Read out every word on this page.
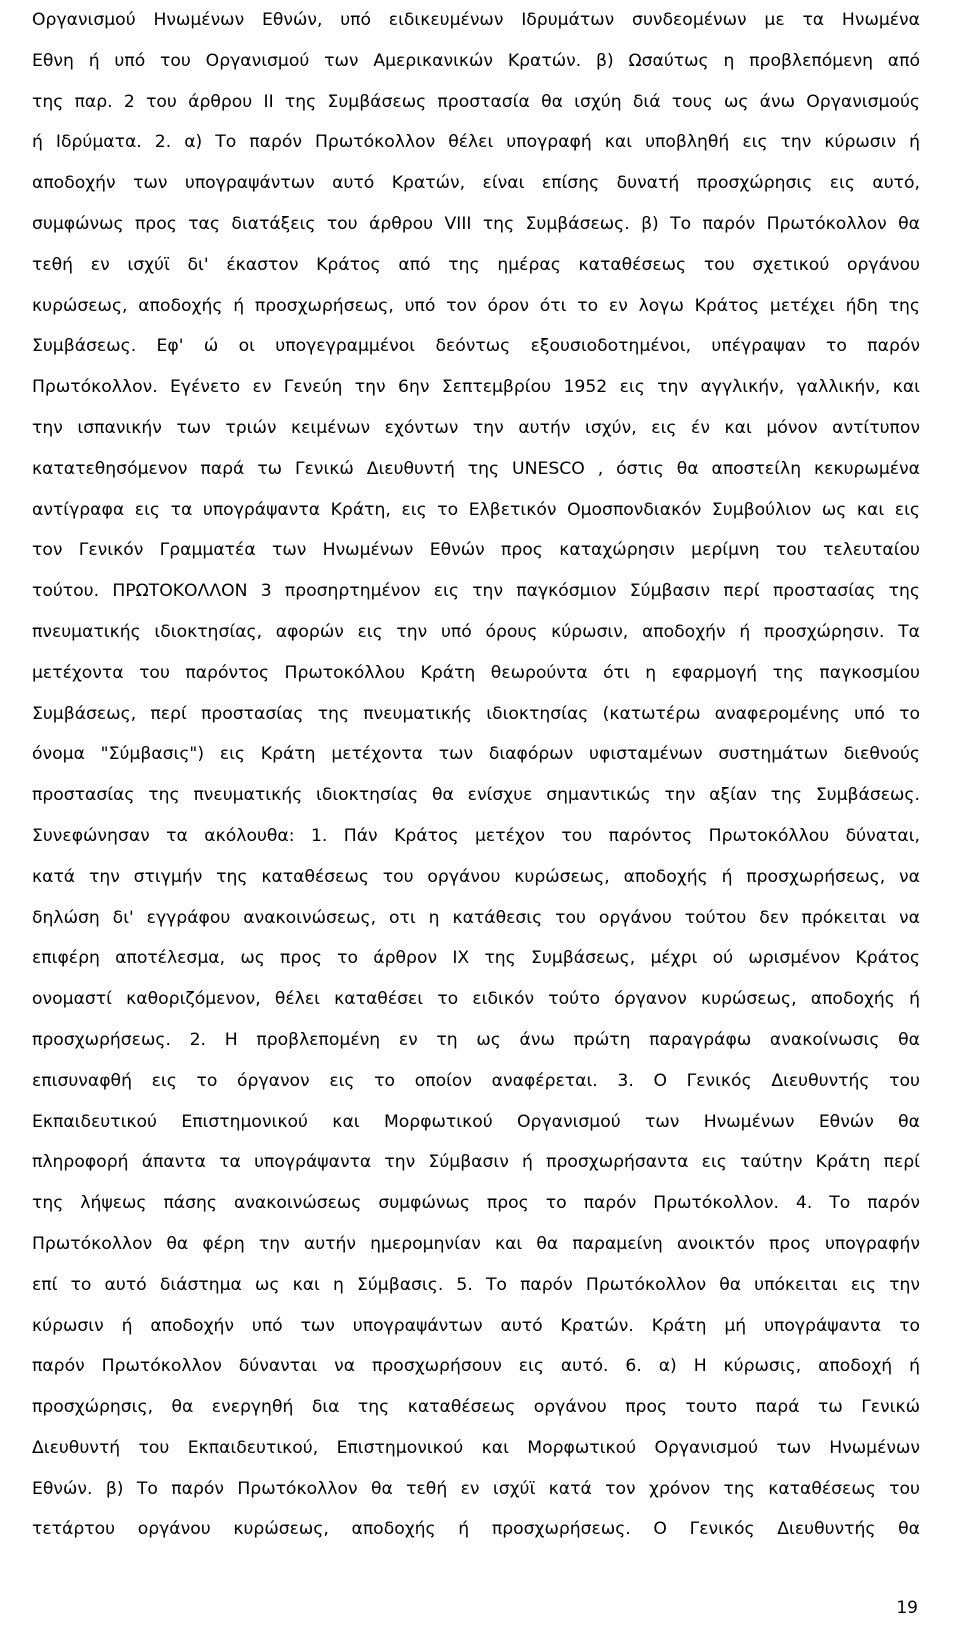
Οργανισμού Ηνωμένων Εθνών, υπό ειδικευμένων Ιδρυμάτων συνδεομένων με τα Ηνωμένα
Εθνη ή υπό του Οργανισμού των Αμερικανικών Κρατών. β) Ωσαύτως η προβλεπόμενη από
της παρ. 2 του άρθρου ΙΙ της Συμβάσεως προστασία θα ισχύη διά τους ως άνω Οργανισμούς
ή Ιδρύματα. 2. α) Το παρόν Πρωτόκολλον θέλει υπογραφή και υποβληθή εις την κύρωσιν ή
αποδοχήν των υπογραψάντων αυτό Κρατών, είναι επίσης δυνατή προσχώρησις εις αυτό,
συμφώνως προς τας διατάξεις του άρθρου VIII της Συμβάσεως. β) Το παρόν Πρωτόκολλον θα
τεθή εν ισχύϊ δι' έκαστον Κράτος από της ημέρας καταθέσεως του σχετικού οργάνου
κυρώσεως, αποδοχής ή προσχωρήσεως, υπό τον όρον ότι το εν λογω Κράτος μετέχει ήδη της
Συμβάσεως. Εφ' ώ οι υπογεγραμμένοι δεόντως εξουσιοδοτημένοι, υπέγραψαν το παρόν
Πρωτόκολλον. Εγένετο εν Γενεύη την 6ην Σεπτεμβρίου 1952 εις την αγγλικήν, γαλλικήν, και
την ισπανικήν των τριών κειμένων εχόντων την αυτήν ισχύν, εις έν και μόνον αντίτυπον
κατατεθησόμενον παρά τω Γενικώ Διευθυντή της UNESCO , όστις θα αποστείλη κεκυρωμένα
αντίγραφα εις τα υπογράψαντα Κράτη, εις το Ελβετικόν Ομοσπονδιακόν Συμβούλιον ως και εις
τον Γενικόν Γραμματέα των Ηνωμένων Εθνών προς καταχώρησιν μερίμνη του τελευταίου
τούτου. ΠΡΩΤΟΚΟΛΛΟΝ 3 προσηρτημένον εις την παγκόσμιον Σύμβασιν περί προστασίας της
πνευματικής ιδιοκτησίας, αφορών εις την υπό όρους κύρωσιν, αποδοχήν ή προσχώρησιν. Τα
μετέχοντα του παρόντος Πρωτοκόλλου Κράτη θεωρούντα ότι η εφαρμογή της παγκοσμίου
Συμβάσεως, περί προστασίας της πνευματικής ιδιοκτησίας (κατωτέρω αναφερομένης υπό το
όνομα "Σύμβασις") εις Κράτη μετέχοντα των διαφόρων υφισταμένων συστημάτων διεθνούς
προστασίας της πνευματικής ιδιοκτησίας θα ενίσχυε σημαντικώς την αξίαν της Συμβάσεως.
Συνεφώνησαν τα ακόλουθα: 1. Πάν Κράτος μετέχον του παρόντος Πρωτοκόλλου δύναται,
κατά την στιγμήν της καταθέσεως του οργάνου κυρώσεως, αποδοχής ή προσχωρήσεως, να
δηλώση δι' εγγράφου ανακοινώσεως, οτι η κατάθεσις του οργάνου τούτου δεν πρόκειται να
επιφέρη αποτέλεσμα, ως προς το άρθρον ΙΧ της Συμβάσεως, μέχρι ού ωρισμένον Κράτος
ονομαστί καθοριζόμενον, θέλει καταθέσει το ειδικόν τούτο όργανον κυρώσεως, αποδοχής ή
προσχωρήσεως. 2. Η προβλεπομένη εν τη ως άνω πρώτη παραγράφω ανακοίνωσις θα
επισυναφθή εις το όργανον εις το οποίον αναφέρεται. 3. Ο Γενικός Διευθυντής του
Εκπαιδευτικού Επιστημονικού και Μορφωτικού Οργανισμού των Ηνωμένων Εθνών θα
πληροφορή άπαντα τα υπογράψαντα την Σύμβασιν ή προσχωρήσαντα εις ταύτην Κράτη περί
της λήψεως πάσης ανακοινώσεως συμφώνως προς το παρόν Πρωτόκολλον. 4. Το παρόν
Πρωτόκολλον θα φέρη την αυτήν ημερομηνίαν και θα παραμείνη ανοικτόν προς υπογραφήν
επί το αυτό διάστημα ως και η Σύμβασις. 5. Το παρόν Πρωτόκολλον θα υπόκειται εις την
κύρωσιν ή αποδοχήν υπό των υπογραψάντων αυτό Κρατών. Κράτη μή υπογράψαντα το
παρόν Πρωτόκολλον δύνανται να προσχωρήσουν εις αυτό. 6. α) Η κύρωσις, αποδοχή ή
προσχώρησις, θα ενεργηθή δια της καταθέσεως οργάνου προς τουτο παρά τω Γενικώ
Διευθυντή του Εκπαιδευτικού, Επιστημονικού και Μορφωτικού Οργανισμού των Ηνωμένων
Εθνών. β) Το παρόν Πρωτόκολλον θα τεθή εν ισχύϊ κατά τον χρόνον της καταθέσεως του
τετάρτου οργάνου κυρώσεως, αποδοχής ή προσχωρήσεως. Ο Γενικός Διευθυντής θα
19
